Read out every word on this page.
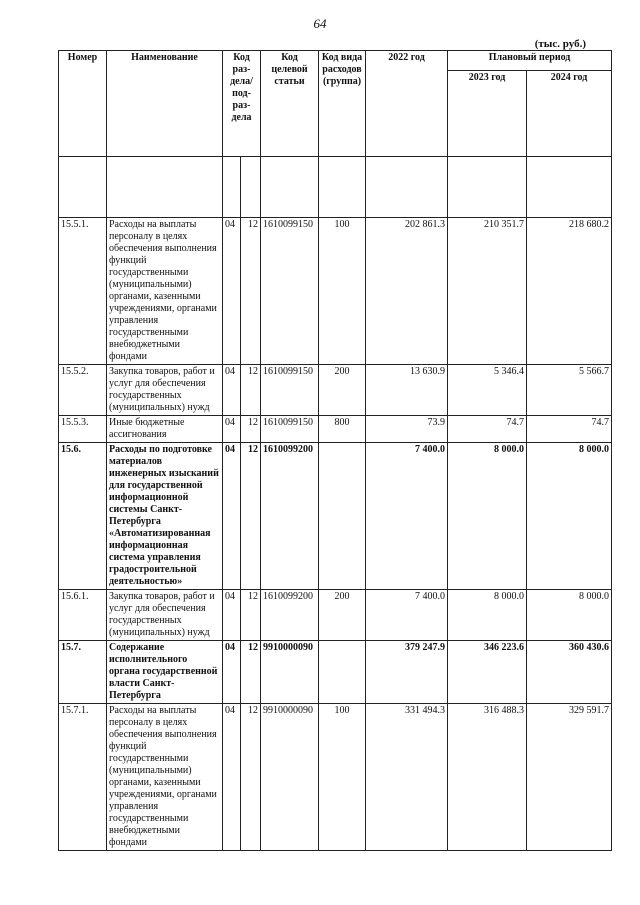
64
(тыс. руб.)
Номер	Наименование	Код раз-дела/ под-раз-дела		Код целевой статьи	Код вида расходов (группа)	2022 год	Плановый период	
							2023 год	2024 год

15.5.1.	Расходы на выплаты персоналу в целях обеспечения выполнения функций государственными (муниципальными) органами, казенными учреждениями, органами управления государственными внебюджетными фондами	04	12	1610099150	100	202 861.3	210 351.7	218 680.2
15.5.2.	Закупка товаров, работ и услуг для обеспечения государственных (муниципальных) нужд	04	12	1610099150	200	13 630.9	5 346.4	5 566.7
15.5.3.	Иные бюджетные ассигнования	04	12	1610099150	800	73.9	74.7	74.7
15.6.	Расходы по подготовке материалов инженерных изысканий для государственной информационной системы Санкт-Петербурга «Автоматизированная информационная система управления градостроительной деятельностью»	04	12	1610099200		7 400.0	8 000.0	8 000.0
15.6.1.	Закупка товаров, работ и услуг для обеспечения государственных (муниципальных) нужд	04	12	1610099200	200	7 400.0	8 000.0	8 000.0
15.7.	Содержание исполнительного органа государственной власти Санкт-Петербурга	04	12	9910000090		379 247.9	346 223.6	360 430.6
15.7.1.	Расходы на выплаты персоналу в целях обеспечения выполнения функций государственными (муниципальными) органами, казенными учреждениями, органами управления государственными внебюджетными фондами	04	12	9910000090	100	331 494.3	316 488.3	329 591.7
